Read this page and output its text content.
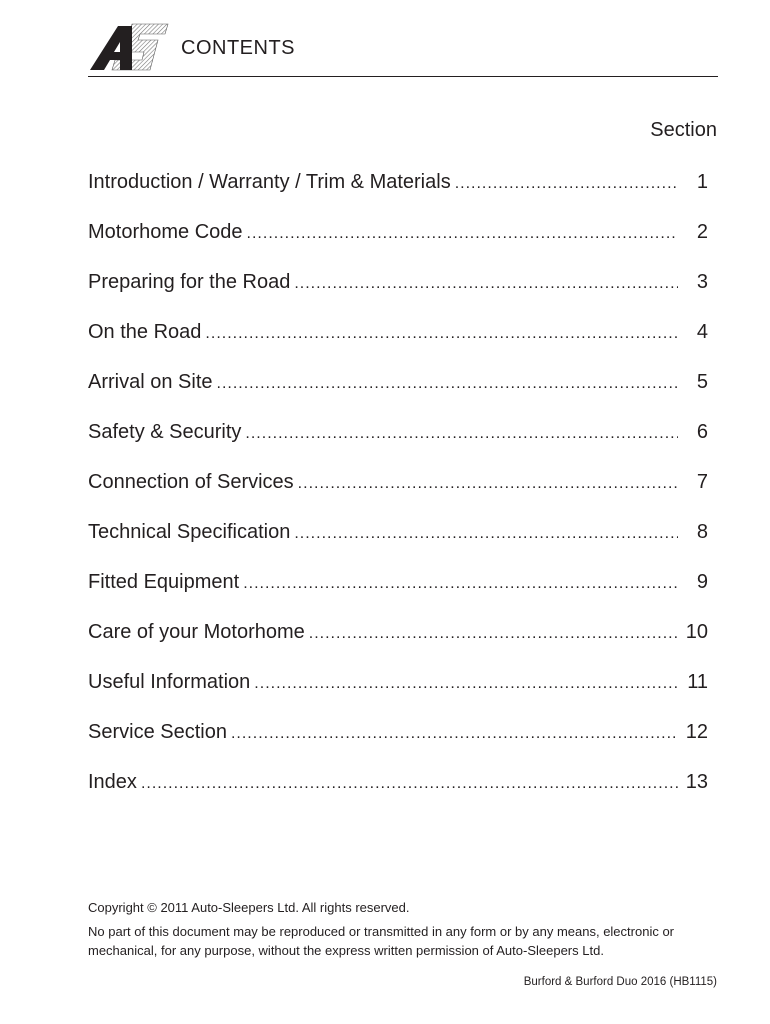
CONTENTS
Section
Introduction / Warranty / Trim & Materials .....	1
Motorhome Code .....	2
Preparing for the Road .....	3
On the Road .....	4
Arrival on Site .....	5
Safety & Security .....	6
Connection of Services .....	7
Technical Specification .....	8
Fitted Equipment .....	9
Care of your Motorhome .....	10
Useful Information .....	11
Service Section .....	12
Index .....	13

Copyright © 2011 Auto-Sleepers Ltd. All rights reserved.

No part of this document may be reproduced or transmitted in any form or by any means, electronic or mechanical, for any purpose, without the express written permission of Auto-Sleepers Ltd.

Burford & Burford Duo 2016 (HB1115)
